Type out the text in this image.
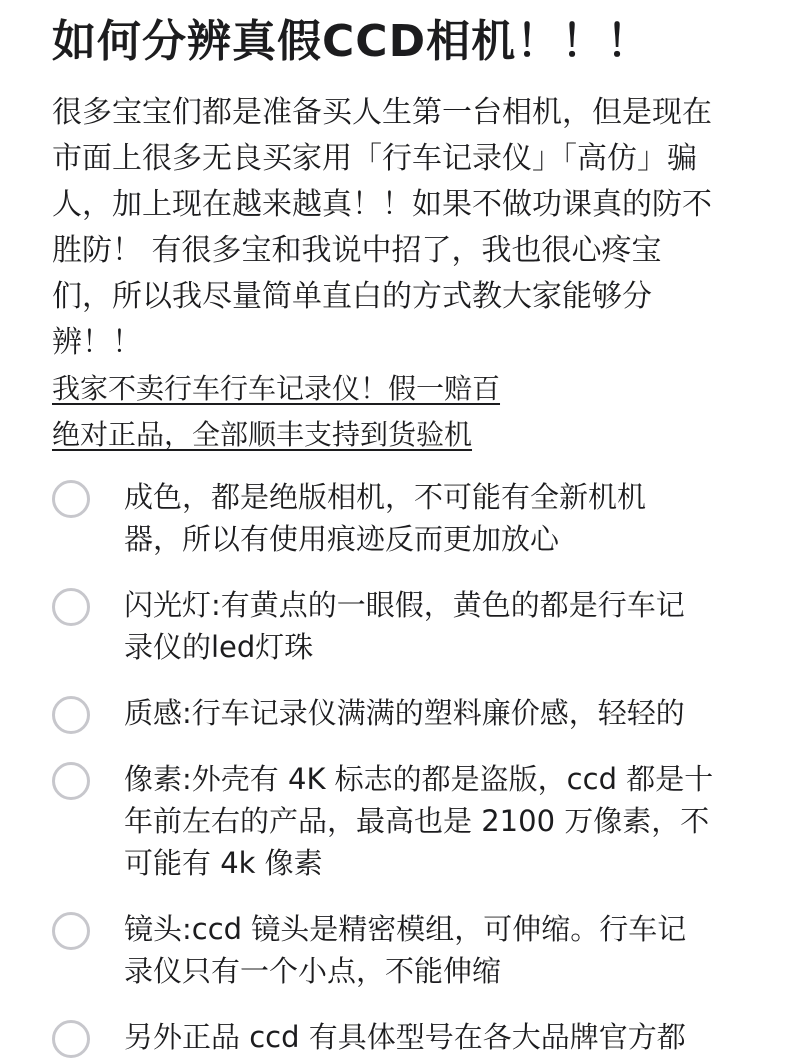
如何分辨真假CCD相机！！！
很多宝宝们都是准备买人生第一台相机，但是现在
市面上很多无良买家用「行车记录仪」「高仿」骗
人，加上现在越来越真！！如果不做功课真的防不
胜防！ 有很多宝和我说中招了，我也很心疼宝
们，所以我尽量简单直白的方式教大家能够分
辨！！
我家不卖行车行车记录仪！假一赔百
绝对正品，全部顺丰支持到货验机
成色，都是绝版相机，不可能有全新机机
器，所以有使用痕迹反而更加放心
闪光灯:有黄点的一眼假，黄色的都是行车记
录仪的led灯珠
质感:行车记录仪满满的塑料廉价感，轻轻的
像素:外壳有 4K 标志的都是盗版，ccd 都是十
年前左右的产品，最高也是 2100 万像素，不
可能有 4k 像素
镜头:ccd 镜头是精密模组，可伸缩。行车记
录仪只有一个小点，不能伸缩
另外正品 ccd 有具体型号在各大品牌官方都
